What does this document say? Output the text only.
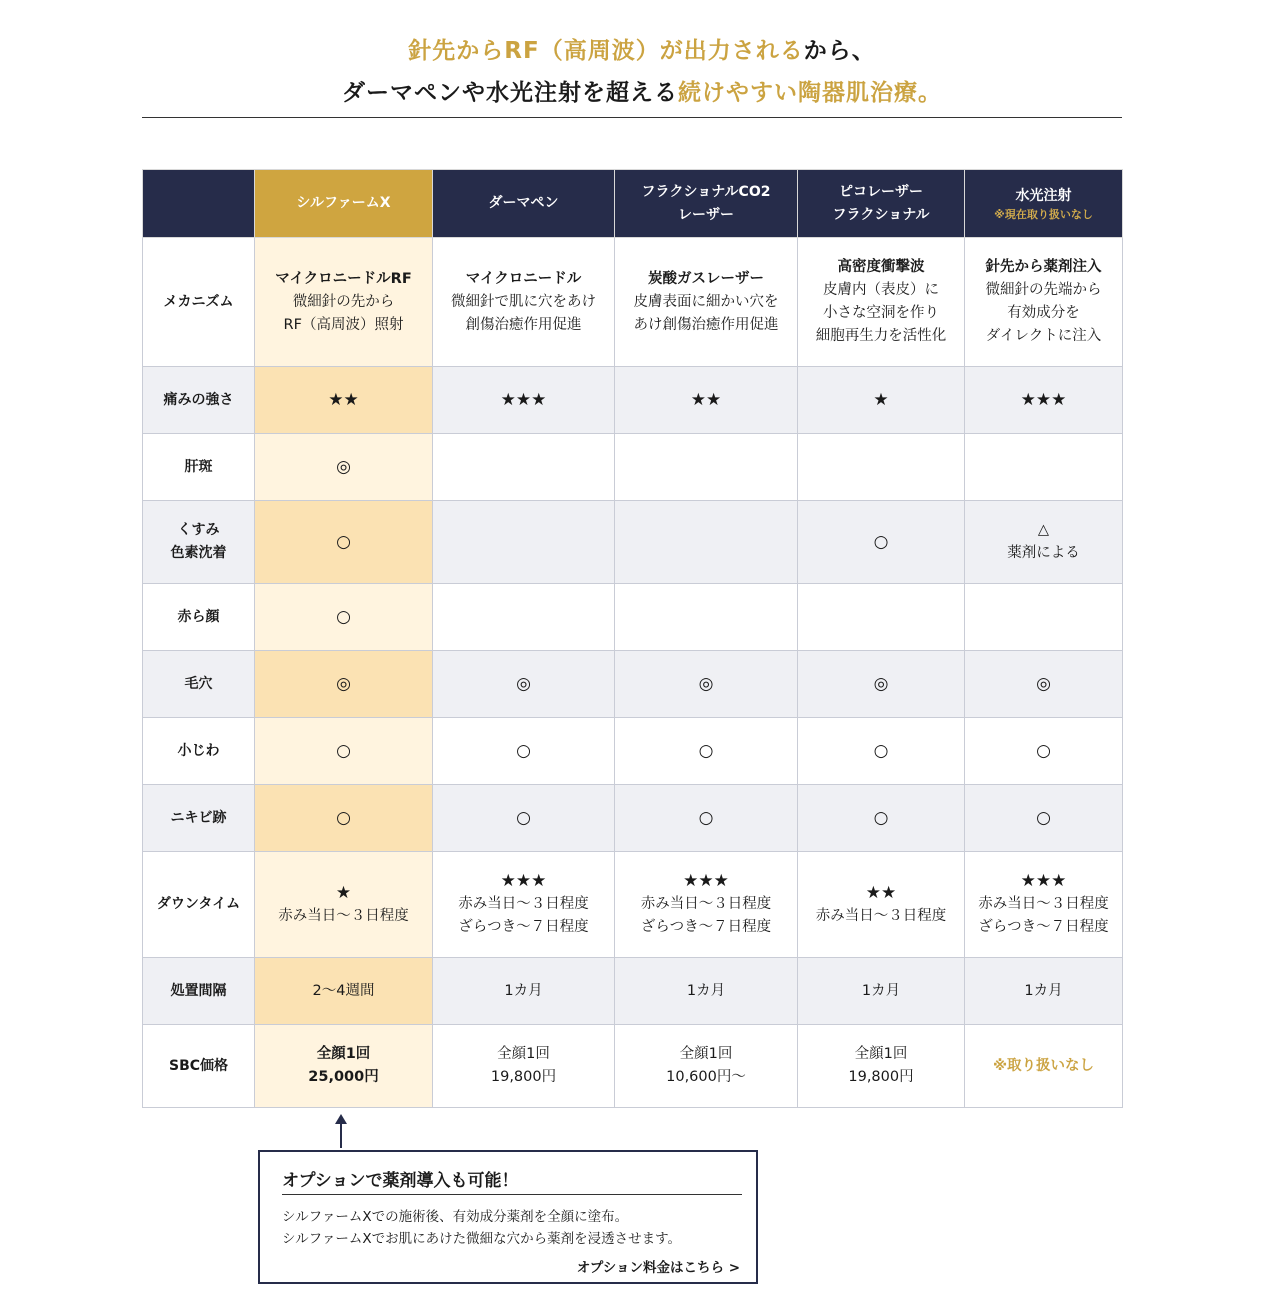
針先からRF（高周波）が出力されるから、
ダーマペンや水光注射を超える続けやすい陶器肌治療。
	シルファームX	ダーマペン	フラクショナルCO2
レーザー	ピコレーザー
フラクショナル	水光注射
※現在取り扱いなし

メカニズム	マイクロニードルRF
微細針の先から
RF（高周波）照射	マイクロニードル
微細針で肌に穴をあけ
創傷治癒作用促進	炭酸ガスレーザー
皮膚表面に細かい穴を
あけ創傷治癒作用促進	高密度衝撃波
皮膚内（表皮）に
小さな空洞を作り
細胞再生力を活性化	針先から薬剤注入
微細針の先端から
有効成分を
ダイレクトに注入
痛みの強さ	★★	★★★	★★	★	★★★
肝斑	◎				
くすみ
色素沈着	○			○	△
薬剤による
赤ら顔	○				
毛穴	◎	◎	◎	◎	◎
小じわ	○	○	○	○	○
ニキビ跡	○	○	○	○	○
ダウンタイム	★
赤み当日〜３日程度	★★★
赤み当日〜３日程度
ざらつき〜７日程度	★★★
赤み当日〜３日程度
ざらつき〜７日程度	★★
赤み当日〜３日程度	★★★
赤み当日〜３日程度
ざらつき〜７日程度
処置間隔	2〜4週間	1カ月	1カ月	1カ月	1カ月
SBC価格	全顔1回
25,000円	全顔1回
19,800円	全顔1回
10,600円〜	全顔1回
19,800円	※取り扱いなし
オプションで薬剤導入も可能！
シルファームXでの施術後、有効成分薬剤を全顔に塗布。
シルファームXでお肌にあけた微細な穴から薬剤を浸透させます。
オプション料金はこちら >
